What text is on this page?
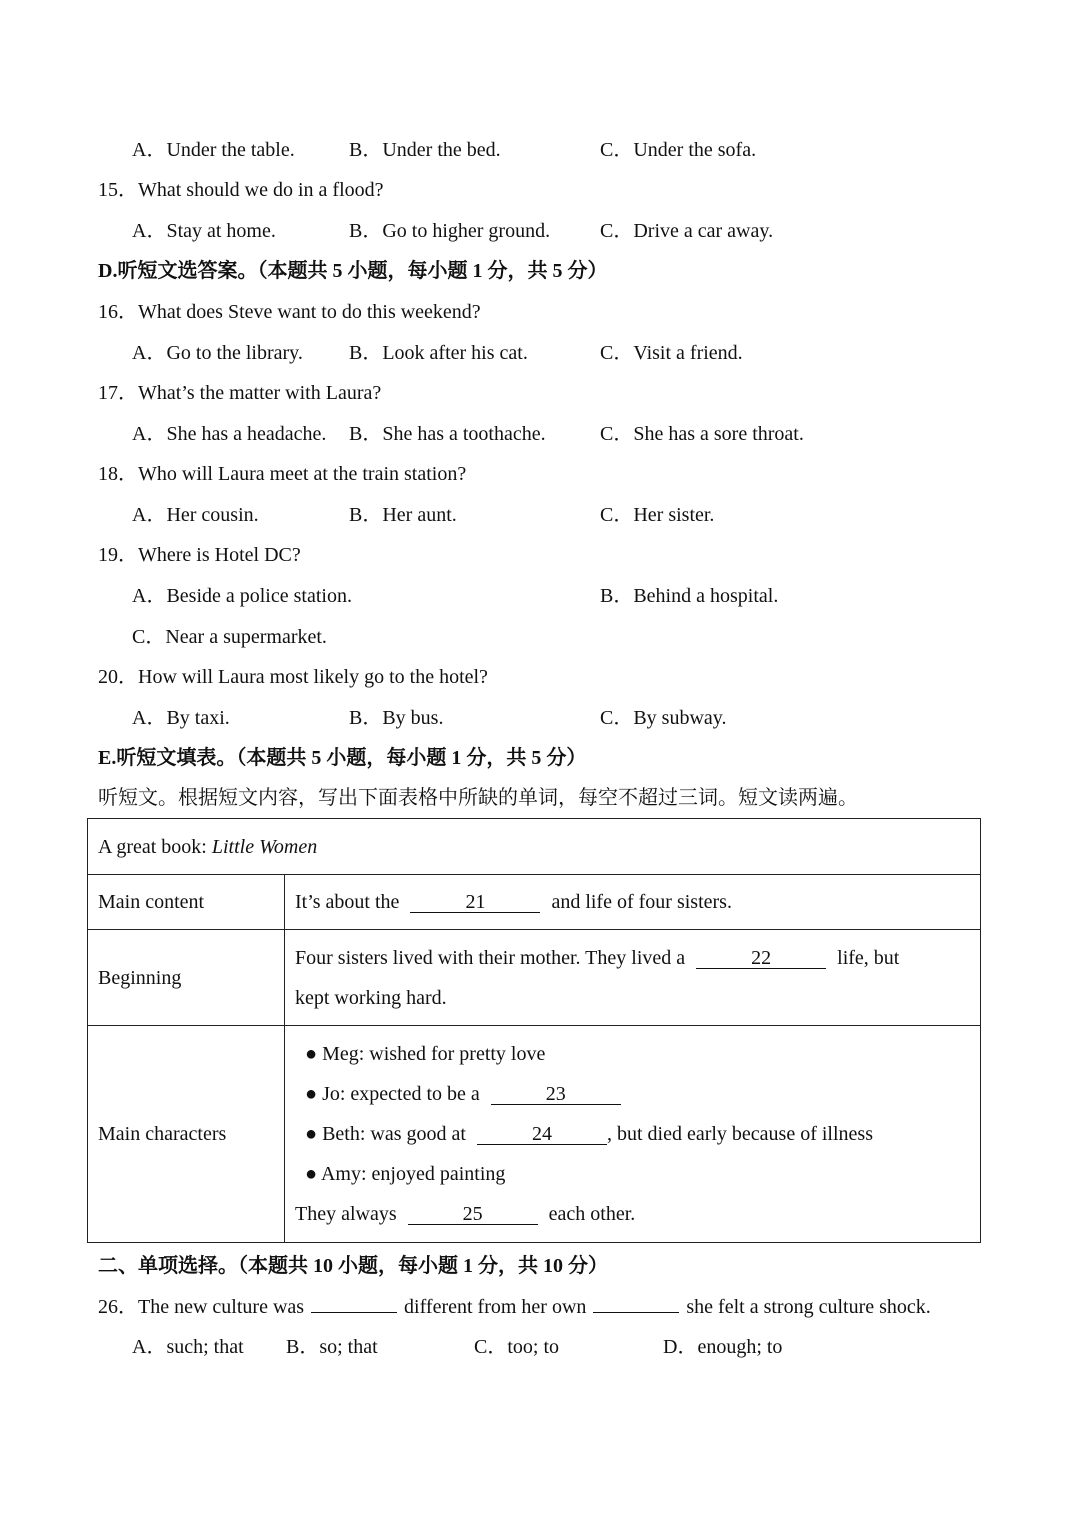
A．Under the table.	B．Under the bed.	C．Under the sofa.
15．What should we do in a flood?
A．Stay at home.	B．Go to higher ground. C．Drive a car away.
D.听短文选答案。（本题共 5 小题，每小题 1 分，共 5 分）
16．What does Steve want to do this weekend?
A．Go to the library. B．Look after his cat.	C．Visit a friend.
17．What’s the matter with Laura?
A．She has a headache. B．She has a toothache.	C．She has a sore throat.
18．Who will Laura meet at the train station?
A．Her cousin.	B．Her aunt.	C．Her sister.
19．Where is Hotel DC?
A．Beside a police station.	B．Behind a hospital.
C．Near a supermarket.
20．How will Laura most likely go to the hotel?
A．By taxi.	B．By bus.	C．By subway.
E.听短文填表。（本题共 5 小题，每小题 1 分，共 5 分）
听短文。根据短文内容，写出下面表格中所缺的单词，每空不超过三词。短文读两遍。
A great book: Little Women	
Main content	It’s about the 21 and life of four sisters.
Beginning	Four sisters lived with their mother. They lived a 22 life, but
kept working hard.

Main characters	● Meg: wished for pretty love
● Jo: expected to be a 23
● Beth: was good at 24 , but died early because of illness
● Amy: enjoyed painting
They always 25 each other.
二、单项选择。（本题共 10 小题，每小题 1 分，共 10 分）
26．The new culture was	different from her own	she felt a strong culture shock.
A．such; that B．so; that	C．too; to	D．enough; to
